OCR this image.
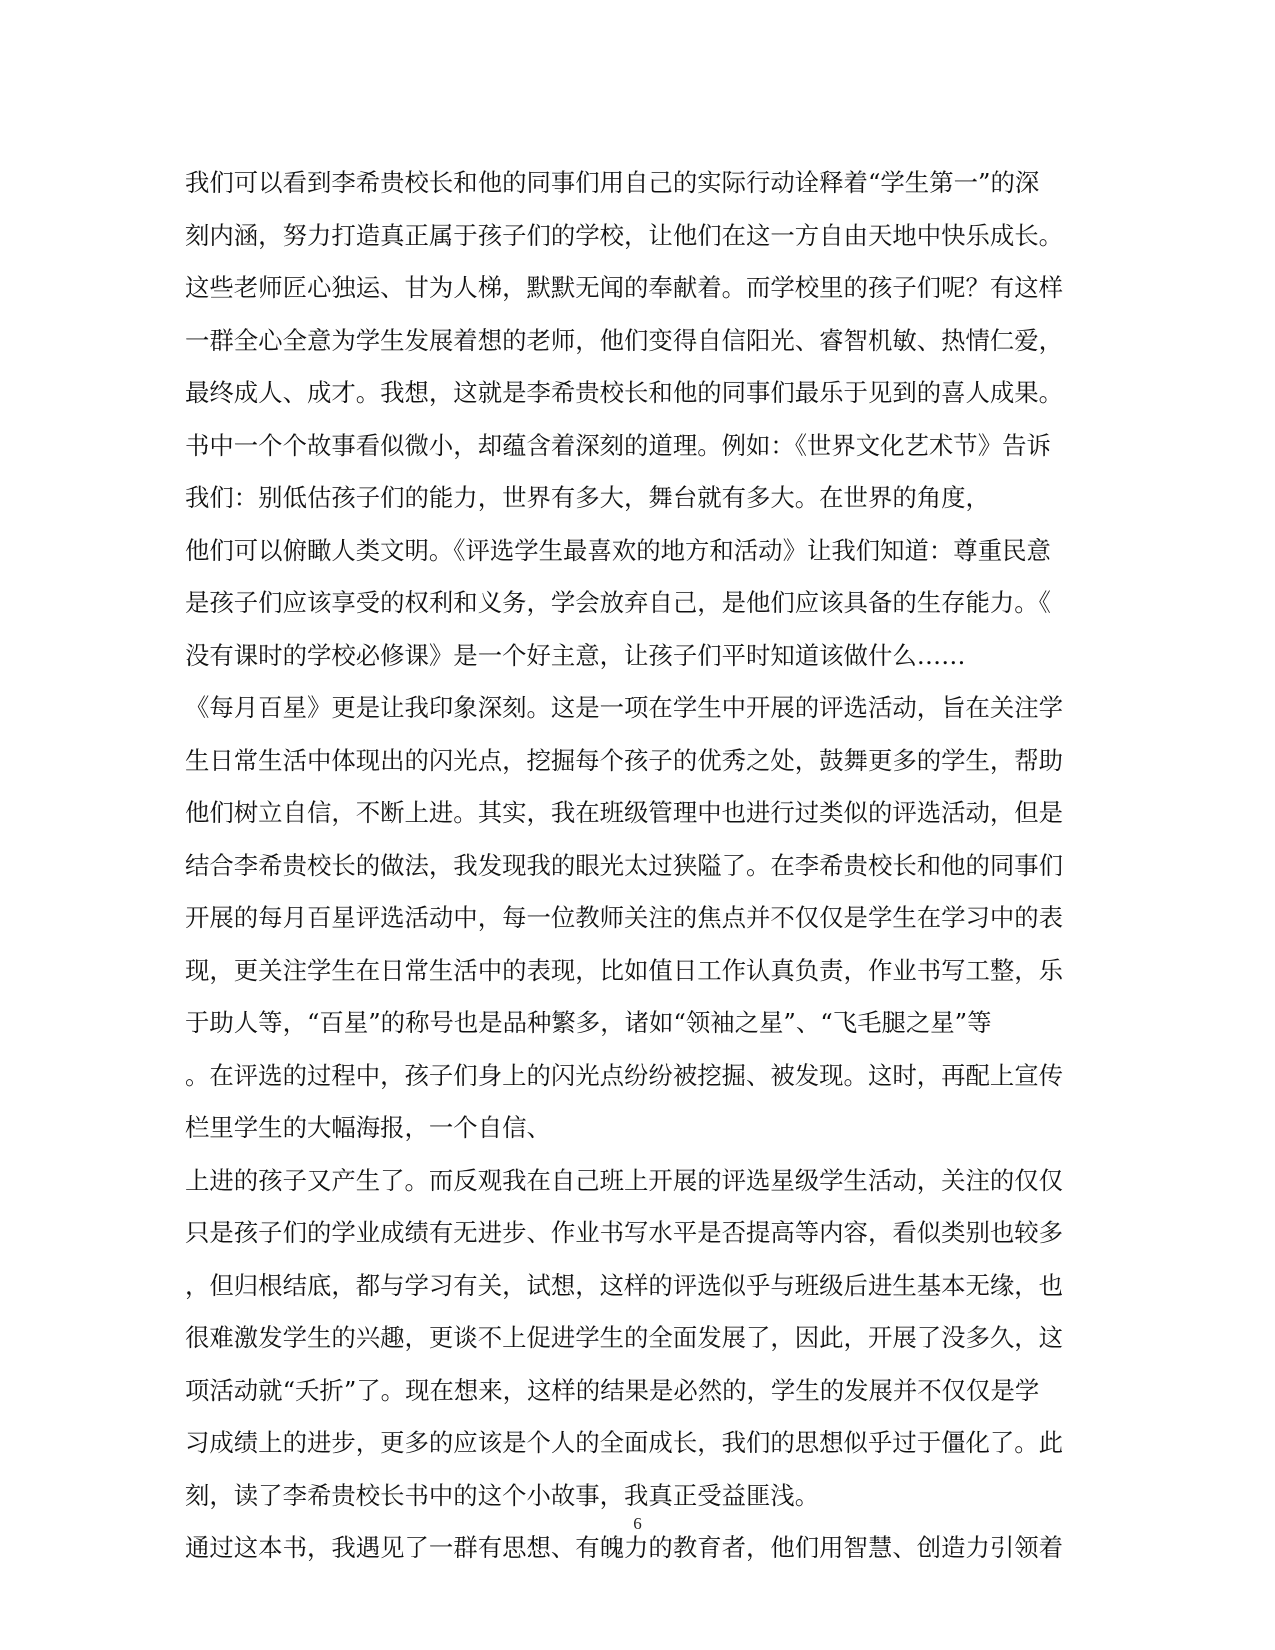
我们可以看到李希贵校长和他的同事们用自己的实际行动诠释着“学生第一”的深
刻内涵，努力打造真正属于孩子们的学校，让他们在这一方自由天地中快乐成长。
这些老师匠心独运、甘为人梯，默默无闻的奉献着。而学校里的孩子们呢？有这样
一群全心全意为学生发展着想的老师，他们变得自信阳光、睿智机敏、热情仁爱，
最终成人、成才。我想，这就是李希贵校长和他的同事们最乐于见到的喜人成果。
书中一个个故事看似微小，却蕴含着深刻的道理。例如：《世界文化艺术节》告诉
我们：别低估孩子们的能力，世界有多大，舞台就有多大。在世界的角度，
他们可以俯瞰人类文明。《评选学生最喜欢的地方和活动》让我们知道：尊重民意
是孩子们应该享受的权利和义务，学会放弃自己，是他们应该具备的生存能力。《
没有课时的学校必修课》是一个好主意，让孩子们平时知道该做什么……
《每月百星》更是让我印象深刻。这是一项在学生中开展的评选活动，旨在关注学
生日常生活中体现出的闪光点，挖掘每个孩子的优秀之处，鼓舞更多的学生，帮助
他们树立自信，不断上进。其实，我在班级管理中也进行过类似的评选活动，但是
结合李希贵校长的做法，我发现我的眼光太过狭隘了。在李希贵校长和他的同事们
开展的每月百星评选活动中，每一位教师关注的焦点并不仅仅是学生在学习中的表
现，更关注学生在日常生活中的表现，比如值日工作认真负责，作业书写工整，乐
于助人等，“百星”的称号也是品种繁多，诸如“领袖之星”、“飞毛腿之星”等
。在评选的过程中，孩子们身上的闪光点纷纷被挖掘、被发现。这时，再配上宣传
栏里学生的大幅海报，一个自信、
上进的孩子又产生了。而反观我在自己班上开展的评选星级学生活动，关注的仅仅
只是孩子们的学业成绩有无进步、作业书写水平是否提高等内容，看似类别也较多
，但归根结底，都与学习有关，试想，这样的评选似乎与班级后进生基本无缘，也
很难激发学生的兴趣，更谈不上促进学生的全面发展了，因此，开展了没多久，这
项活动就“夭折”了。现在想来，这样的结果是必然的，学生的发展并不仅仅是学
习成绩上的进步，更多的应该是个人的全面成长，我们的思想似乎过于僵化了。此
刻，读了李希贵校长书中的这个小故事，我真正受益匪浅。
通过这本书，我遇见了一群有思想、有魄力的教育者，他们用智慧、创造力引领着
6
